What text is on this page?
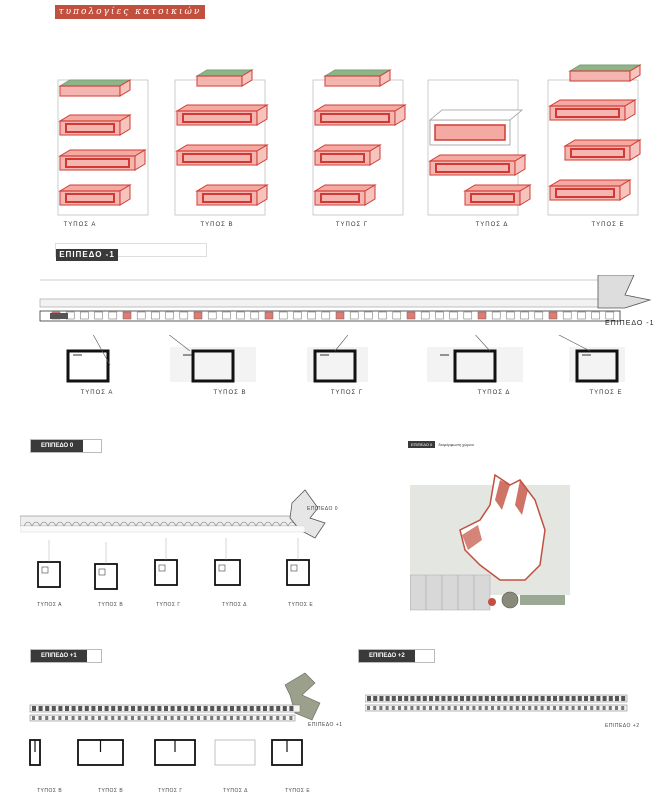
τυπολογίες κατοικιών
ΤΥΠΟΣ Α	ΤΥΠΟΣ Β	ΤΥΠΟΣ Γ	ΤΥΠΟΣ Δ	ΤΥΠΟΣ Ε
ΕΠΙΠΕΔΟ -1
ΕΠΙΠΕΔΟ -1
ΤΥΠΟΣ Α	ΤΥΠΟΣ Β	ΤΥΠΟΣ Γ	ΤΥΠΟΣ Δ	ΤΥΠΟΣ Ε
ΕΠΙΠΕΔΟ 0
ΕΠΙΠΕΔΟ 0
ΤΥΠΟΣ Α	ΤΥΠΟΣ Β	ΤΥΠΟΣ Γ	ΤΥΠΟΣ Δ	ΤΥΠΟΣ Ε
ΕΠΙΠΕΔΟ 0 διαμόρφωση χώρου
ΕΠΙΠΕΔΟ +1
ΕΠΙΠΕΔΟ +1
ΤΥΠΟΣ Β	ΤΥΠΟΣ Β	ΤΥΠΟΣ Γ	ΤΥΠΟΣ Δ	ΤΥΠΟΣ Ε
ΕΠΙΠΕΔΟ +2
ΕΠΙΠΕΔΟ +2
